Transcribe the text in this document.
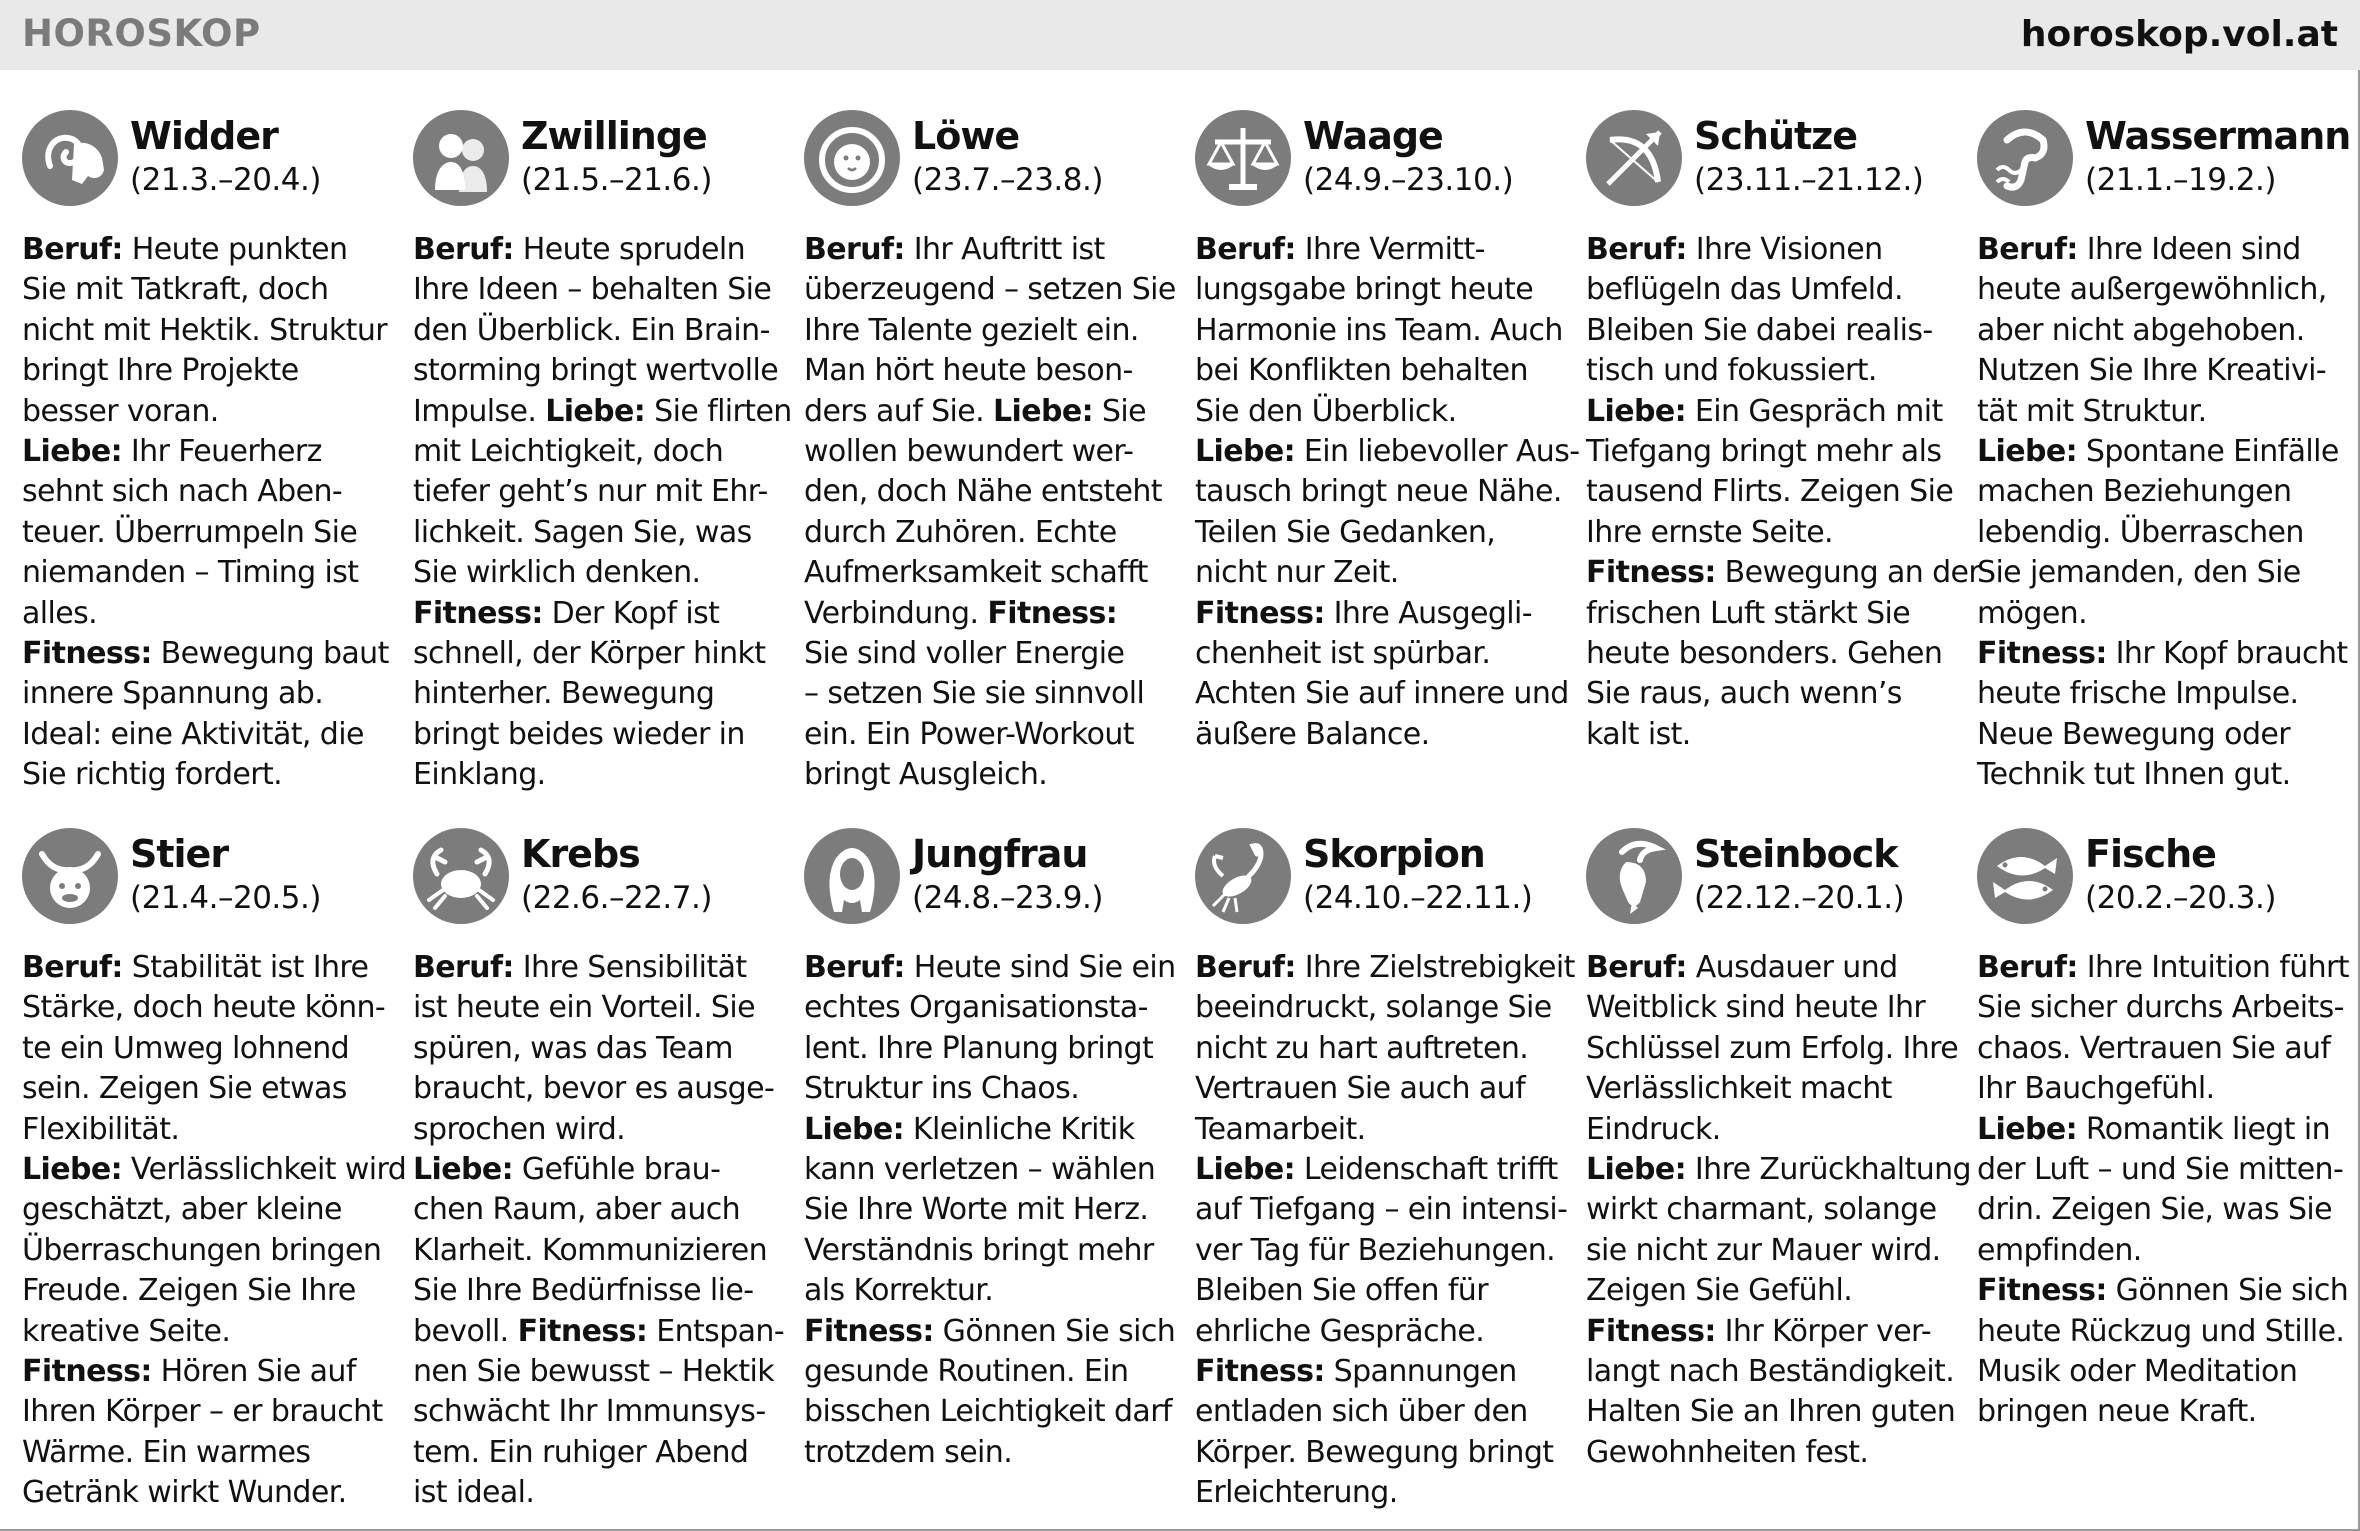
HOROSKOP	horoskop.vol.at
Widder
(21.3.–20.4.)
Beruf: Heute punkten
Sie mit Tatkraft, doch
nicht mit Hektik. Struktur
bringt Ihre Projekte
besser voran.
Liebe: Ihr Feuerherz
sehnt sich nach Aben-
teuer. Überrumpeln Sie
niemanden – Timing ist
alles.
Fitness: Bewegung baut
innere Spannung ab.
Ideal: eine Aktivität, die
Sie richtig fordert.
Zwillinge
(21.5.–21.6.)
Beruf: Heute sprudeln
Ihre Ideen – behalten Sie
den Überblick. Ein Brain-
storming bringt wertvolle
Impulse. Liebe: Sie flirten
mit Leichtigkeit, doch
tiefer geht’s nur mit Ehr-
lichkeit. Sagen Sie, was
Sie wirklich denken.
Fitness: Der Kopf ist
schnell, der Körper hinkt
hinterher. Bewegung
bringt beides wieder in
Einklang.
Löwe
(23.7.–23.8.)
Beruf: Ihr Auftritt ist
überzeugend – setzen Sie
Ihre Talente gezielt ein.
Man hört heute beson-
ders auf Sie. Liebe: Sie
wollen bewundert wer-
den, doch Nähe entsteht
durch Zuhören. Echte
Aufmerksamkeit schafft
Verbindung. Fitness:
Sie sind voller Energie
– setzen Sie sie sinnvoll
ein. Ein Power-Workout
bringt Ausgleich.
Waage
(24.9.–23.10.)
Beruf: Ihre Vermitt-
lungsgabe bringt heute
Harmonie ins Team. Auch
bei Konflikten behalten
Sie den Überblick.
Liebe: Ein liebevoller Aus-
tausch bringt neue Nähe.
Teilen Sie Gedanken,
nicht nur Zeit.
Fitness: Ihre Ausgegli-
chenheit ist spürbar.
Achten Sie auf innere und
äußere Balance.
Schütze
(23.11.–21.12.)
Beruf: Ihre Visionen
beflügeln das Umfeld.
Bleiben Sie dabei realis-
tisch und fokussiert.
Liebe: Ein Gespräch mit
Tiefgang bringt mehr als
tausend Flirts. Zeigen Sie
Ihre ernste Seite.
Fitness: Bewegung an der
frischen Luft stärkt Sie
heute besonders. Gehen
Sie raus, auch wenn’s
kalt ist.
Wassermann
(21.1.–19.2.)
Beruf: Ihre Ideen sind
heute außergewöhnlich,
aber nicht abgehoben.
Nutzen Sie Ihre Kreativi-
tät mit Struktur.
Liebe: Spontane Einfälle
machen Beziehungen
lebendig. Überraschen
Sie jemanden, den Sie
mögen.
Fitness: Ihr Kopf braucht
heute frische Impulse.
Neue Bewegung oder
Technik tut Ihnen gut.
Stier
(21.4.–20.5.)
Beruf: Stabilität ist Ihre
Stärke, doch heute könn-
te ein Umweg lohnend
sein. Zeigen Sie etwas
Flexibilität.
Liebe: Verlässlichkeit wird
geschätzt, aber kleine
Überraschungen bringen
Freude. Zeigen Sie Ihre
kreative Seite.
Fitness: Hören Sie auf
Ihren Körper – er braucht
Wärme. Ein warmes
Getränk wirkt Wunder.
Krebs
(22.6.–22.7.)
Beruf: Ihre Sensibilität
ist heute ein Vorteil. Sie
spüren, was das Team
braucht, bevor es ausge-
sprochen wird.
Liebe: Gefühle brau-
chen Raum, aber auch
Klarheit. Kommunizieren
Sie Ihre Bedürfnisse lie-
bevoll. Fitness: Entspan-
nen Sie bewusst – Hektik
schwächt Ihr Immunsys-
tem. Ein ruhiger Abend
ist ideal.
Jungfrau
(24.8.–23.9.)
Beruf: Heute sind Sie ein
echtes Organisationsta-
lent. Ihre Planung bringt
Struktur ins Chaos.
Liebe: Kleinliche Kritik
kann verletzen – wählen
Sie Ihre Worte mit Herz.
Verständnis bringt mehr
als Korrektur.
Fitness: Gönnen Sie sich
gesunde Routinen. Ein
bisschen Leichtigkeit darf
trotzdem sein.
Skorpion
(24.10.–22.11.)
Beruf: Ihre Zielstrebigkeit
beeindruckt, solange Sie
nicht zu hart auftreten.
Vertrauen Sie auch auf
Teamarbeit.
Liebe: Leidenschaft trifft
auf Tiefgang – ein intensi-
ver Tag für Beziehungen.
Bleiben Sie offen für
ehrliche Gespräche.
Fitness: Spannungen
entladen sich über den
Körper. Bewegung bringt
Erleichterung.
Steinbock
(22.12.–20.1.)
Beruf: Ausdauer und
Weitblick sind heute Ihr
Schlüssel zum Erfolg. Ihre
Verlässlichkeit macht
Eindruck.
Liebe: Ihre Zurückhaltung
wirkt charmant, solange
sie nicht zur Mauer wird.
Zeigen Sie Gefühl.
Fitness: Ihr Körper ver-
langt nach Beständigkeit.
Halten Sie an Ihren guten
Gewohnheiten fest.
Fische
(20.2.–20.3.)
Beruf: Ihre Intuition führt
Sie sicher durchs Arbeits-
chaos. Vertrauen Sie auf
Ihr Bauchgefühl.
Liebe: Romantik liegt in
der Luft – und Sie mitten-
drin. Zeigen Sie, was Sie
empfinden.
Fitness: Gönnen Sie sich
heute Rückzug und Stille.
Musik oder Meditation
bringen neue Kraft.
